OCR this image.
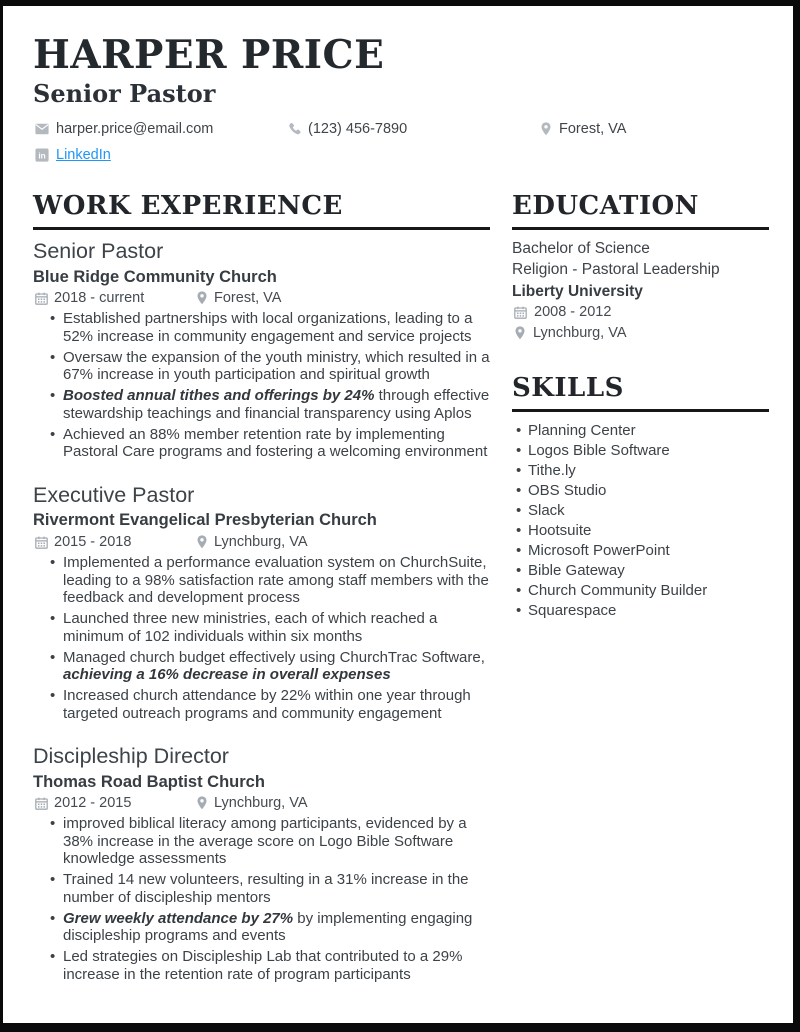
HARPER PRICE
Senior Pastor
harper.price@email.com	(123) 456-7890	Forest, VA
in LinkedIn
WORK EXPERIENCE
Senior Pastor
Blue Ridge Community Church
2018 - current	Forest, VA
• Established partnerships with local organizations, leading to a 52% increase in community engagement and service projects
• Oversaw the expansion of the youth ministry, which resulted in a 67% increase in youth participation and spiritual growth
• Boosted annual tithes and offerings by 24% through effective stewardship teachings and financial transparency using Aplos
• Achieved an 88% member retention rate by implementing Pastoral Care programs and fostering a welcoming environment
Executive Pastor
Rivermont Evangelical Presbyterian Church
2015 - 2018	Lynchburg, VA
• Implemented a performance evaluation system on ChurchSuite, leading to a 98% satisfaction rate among staff members with the feedback and development process
• Launched three new ministries, each of which reached a minimum of 102 individuals within six months
• Managed church budget effectively using ChurchTrac Software, achieving a 16% decrease in overall expenses
• Increased church attendance by 22% within one year through targeted outreach programs and community engagement
Discipleship Director
Thomas Road Baptist Church
2012 - 2015	Lynchburg, VA
• improved biblical literacy among participants, evidenced by a 38% increase in the average score on Logo Bible Software knowledge assessments
• Trained 14 new volunteers, resulting in a 31% increase in the number of discipleship mentors
• Grew weekly attendance by 27% by implementing engaging discipleship programs and events
• Led strategies on Discipleship Lab that contributed to a 29% increase in the retention rate of program participants
EDUCATION
Bachelor of Science
Religion - Pastoral Leadership
Liberty University
2008 - 2012
Lynchburg, VA
SKILLS
• Planning Center
• Logos Bible Software
• Tithe.ly
• OBS Studio
• Slack
• Hootsuite
• Microsoft PowerPoint
• Bible Gateway
• Church Community Builder
• Squarespace
